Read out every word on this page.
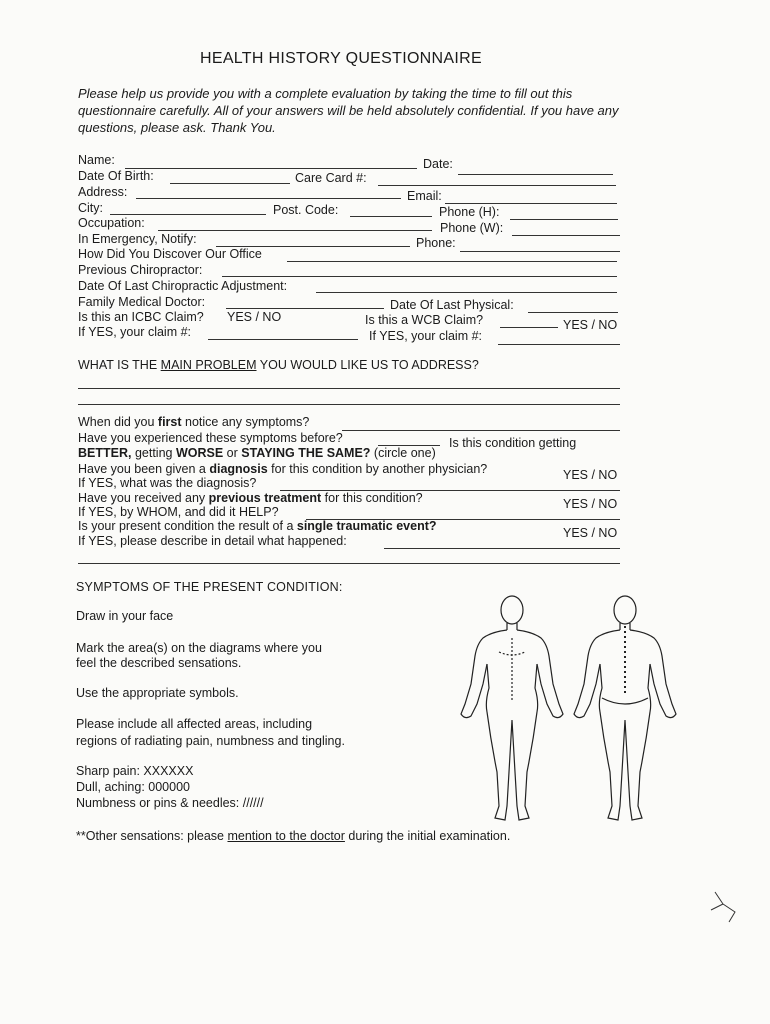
HEALTH HISTORY QUESTIONNAIRE
Please help us provide you with a complete evaluation by taking the time to fill out this questionnaire carefully. All of your answers will be held absolutely confidential. If you have any questions, please ask. Thank You.
Name:	Date:
Date Of Birth:	Care Card #:
Address:	Email:
City:	Post. Code:	Phone (H):
Occupation:	Phone (W):
In Emergency, Notify:	Phone:
How Did You Discover Our Office
Previous Chiropractor:
Date Of Last Chiropractic Adjustment:
Family Medical Doctor:	Date Of Last Physical:
Is this an ICBC Claim? YES / NO	Is this a WCB Claim?	YES / NO
If YES, your claim #:	If YES, your claim #:
WHAT IS THE MAIN PROBLEM YOU WOULD LIKE US TO ADDRESS?
When did you first notice any symptoms?
Have you experienced these symptoms before?	Is this condition getting
BETTER, getting WORSE or STAYING THE SAME? (circle one)
Have you been given a diagnosis for this condition by another physician?	YES / NO
If YES, what was the diagnosis?
Have you received any previous treatment for this condition?	YES / NO
If YES, by WHOM, and did it HELP?
Is your present condition the result of a single traumatic event?	YES / NO
If YES, please describe in detail what happened:
SYMPTOMS OF THE PRESENT CONDITION:
Draw in your face
Mark the area(s) on the diagrams where you
feel the described sensations.
Use the appropriate symbols.
Please include all affected areas, including
regions of radiating pain, numbness and tingling.
Sharp pain: XXXXXX
Dull, aching: 000000
Numbness or pins & needles: //////
**Other sensations: please mention to the doctor during the initial examination.
